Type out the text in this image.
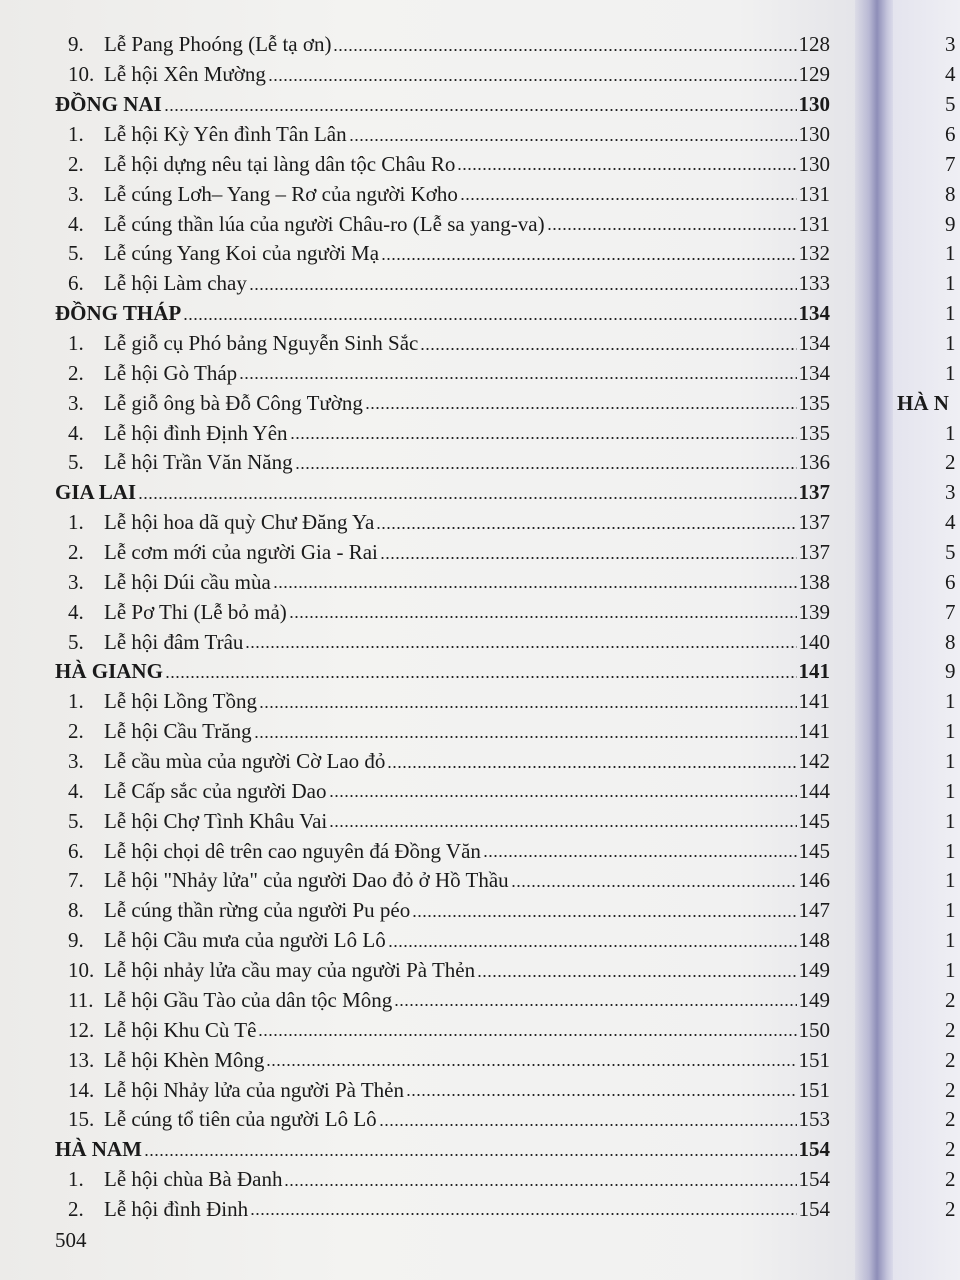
9. Lễ Pang Phoóng (Lễ tạ ơn)	128
10. Lễ hội Xên Mường	129
ĐỒNG NAI	130
1. Lễ hội Kỳ Yên đình Tân Lân	130
2. Lễ hội dựng nêu tại làng dân tộc Châu Ro	130
3. Lễ cúng Lơh– Yang – Rơ của người Kơho	131
4. Lễ cúng thần lúa của người Châu-ro (Lễ sa yang-va)	131
5. Lễ cúng Yang Koi của người Mạ	132
6. Lễ hội Làm chay	133
ĐỒNG THÁP	134
1. Lễ giỗ cụ Phó bảng Nguyễn Sinh Sắc	134
2. Lễ hội Gò Tháp	134
3. Lễ giỗ ông bà Đỗ Công Tường	135
4. Lễ hội đình Định Yên	135
5. Lễ hội Trần Văn Năng	136
GIA LAI	137
1. Lễ hội hoa dã quỳ Chư Đăng Ya	137
2. Lễ cơm mới của người Gia - Rai	137
3. Lễ hội Dúi cầu mùa	138
4. Lễ Pơ Thi (Lễ bỏ mả)	139
5. Lễ hội đâm Trâu	140
HÀ GIANG	141
1. Lễ hội Lồng Tồng	141
2. Lễ hội Cầu Trăng	141
3. Lễ cầu mùa của người Cờ Lao đỏ	142
4. Lễ Cấp sắc của người Dao	144
5. Lễ hội Chợ Tình Khâu Vai	145
6. Lễ hội chọi dê trên cao nguyên đá Đồng Văn	145
7. Lễ hội "Nhảy lửa" của người Dao đỏ ở Hồ Thầu	146
8. Lễ cúng thần rừng của người Pu péo	147
9. Lễ hội Cầu mưa của người Lô Lô	148
10. Lễ hội nhảy lửa cầu may của người Pà Thẻn	149
11. Lễ hội Gầu Tào của dân tộc Mông	149
12. Lễ hội Khu Cù Tê	150
13. Lễ hội Khèn Mông	151
14. Lễ hội Nhảy lửa của người Pà Thẻn	151
15. Lễ cúng tổ tiên của người Lô Lô	153
HÀ NAM	154
1. Lễ hội chùa Bà Đanh	154
2. Lễ hội đình Đinh	154
504
3
4
5
6
7
8
9
1
1
1
1
1
HÀ N
1
2
3
4
5
6
7
8
9
1
1
1
1
1
1
1
1
1
1
2
2
2
2
2
2
2
2
